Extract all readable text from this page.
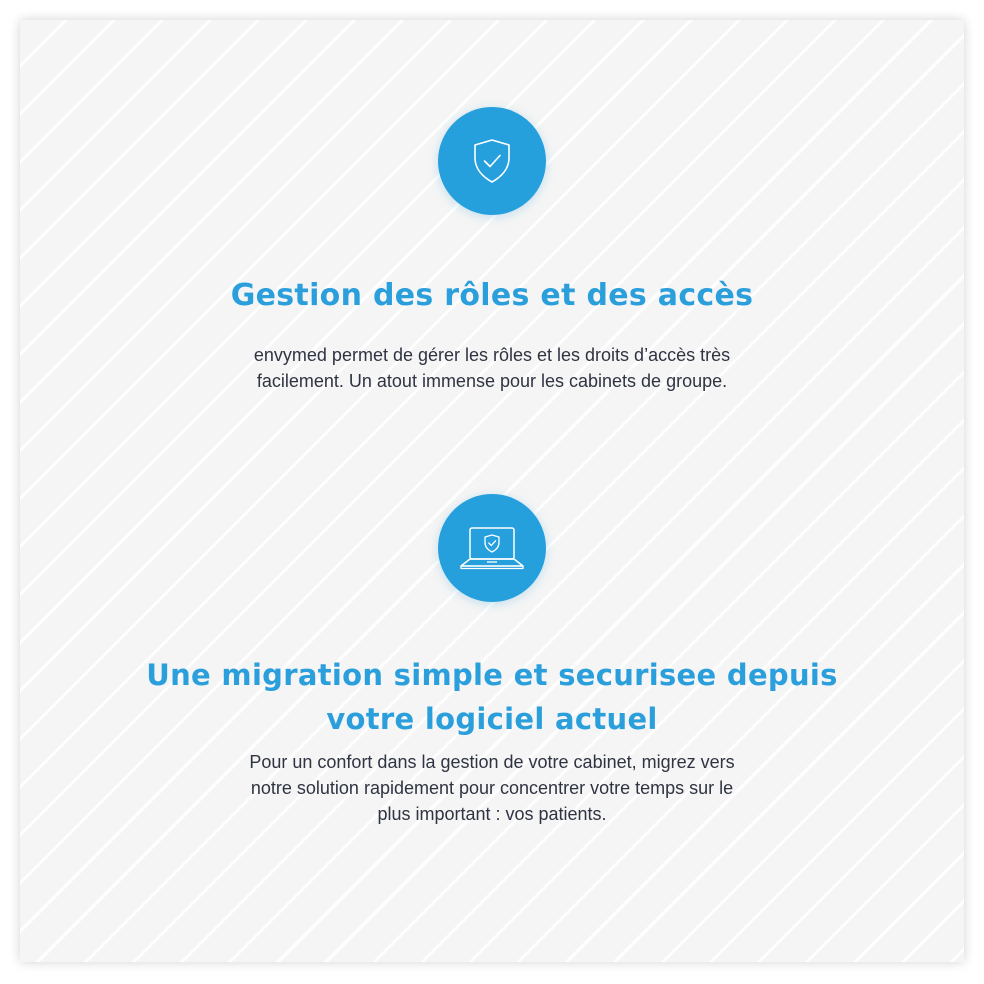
Gestion des rôles et des accès
envymed permet de gérer les rôles et les droits d’accès très
facilement. Un atout immense pour les cabinets de groupe.
Une migration simple et securisee depuis
votre logiciel actuel
Pour un confort dans la gestion de votre cabinet, migrez vers
notre solution rapidement pour concentrer votre temps sur le
plus important : vos patients.
